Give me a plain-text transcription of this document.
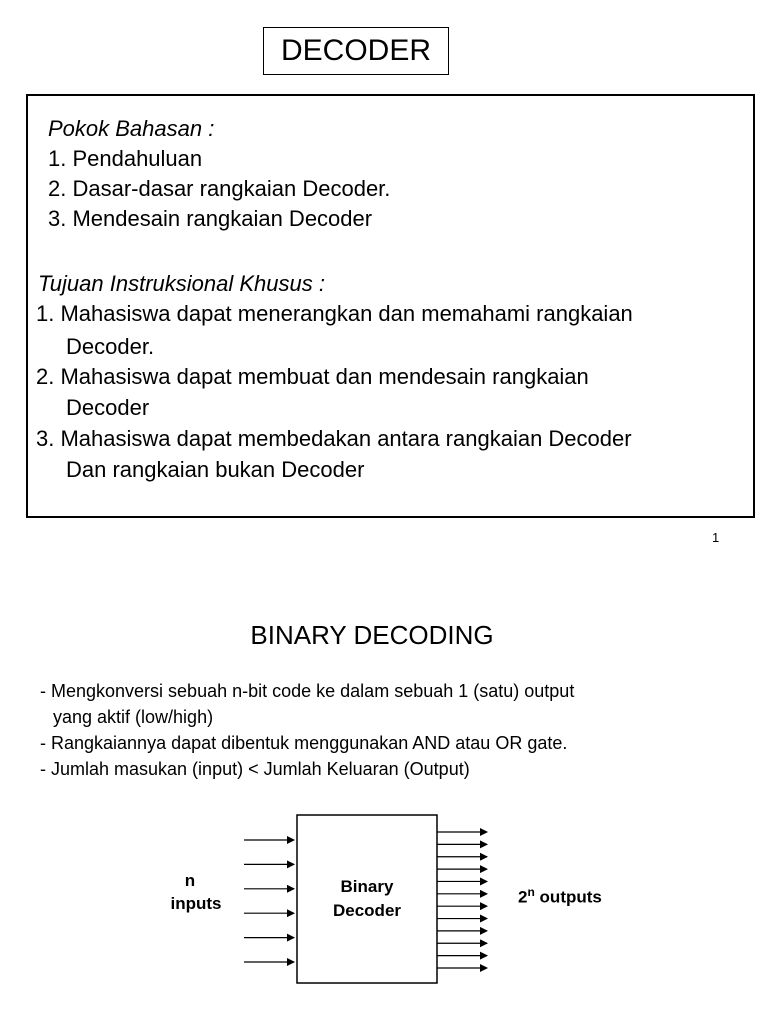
DECODER
Pokok Bahasan :
1. Pendahuluan
2. Dasar-dasar rangkaian Decoder.
3. Mendesain rangkaian Decoder
Tujuan Instruksional Khusus :
1. Mahasiswa dapat menerangkan dan memahami rangkaian
Decoder.
2. Mahasiswa dapat membuat dan mendesain rangkaian
Decoder
3. Mahasiswa dapat membedakan antara rangkaian Decoder
Dan rangkaian bukan Decoder
1
BINARY DECODING
- Mengkonversi sebuah n-bit code ke dalam sebuah 1 (satu) output
yang aktif (low/high)
- Rangkaiannya dapat dibentuk menggunakan AND atau OR gate.
- Jumlah masukan (input) < Jumlah Keluaran (Output)
n
inputs
Binary
Decoder
2$^n$ outputs
